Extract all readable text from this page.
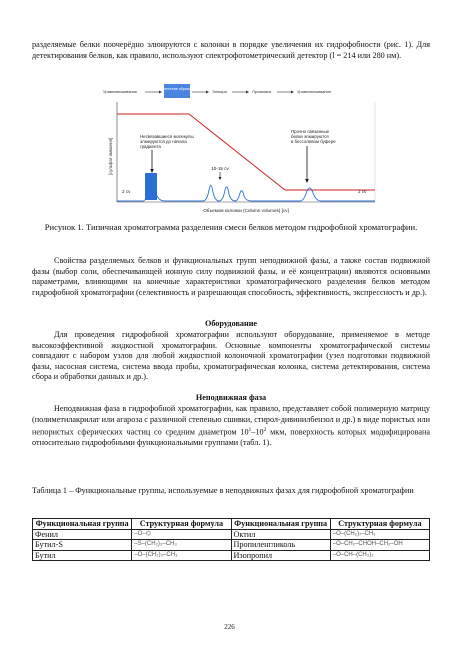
разделяемые белки поочерёдно элюируются с колонки в порядке увеличения их гидрофобности (рис. 1). Для детектирования белков, как правило, используют спектрофотометрический детектор (l = 214 или 280 нм).

Уравновешивание	Внесение образца	Элюция	Промывка	Уравновешивание
[сульфат аммония]
Объемом колонки (Column volumes) [cv]
Несвязавшиеся молекулы
элюируются до начала
градиента
Прочно связанные
белки элюируются
в бессолевом буфере
10-15 cv
2 cv	2 cv
Рисунок 1. Типичная хроматограмма разделения смеси белков методом гидрофобной хроматографии.

Свойства разделяемых белков и функциональных групп неподвижной фазы, а также состав подвижной фазы (выбор соли, обеспечивающей ионную силу подвижной фазы, и её концентрации) являются основными параметрами, влияющими на конечные характеристики хроматографического разделения белков методом гидрофобной хроматографии (селективность и разрешающая способность, эффективность, экспрессность и др.).

Оборудование

Для проведения гидрофобной хроматографии используют оборудование, применяемое в методе высокоэффективной жидкостной хроматографии. Основные компоненты хроматографической системы совпадают с набором узлов для любой жидкостной колоночной хроматографии (узел подготовки подвижной фазы, насосная система, система ввода пробы, хроматографическая колонка, система детектирования, система сбора и обработки данных и др.).

Неподвижная фаза

Неподвижная фаза в гидрофобной хроматографии, как правило, представляет собой полимерную матрицу (полиметилакрилат или агароза с различной степенью сшивки, стирол-дивинилбензол и др.) в виде пористых или непористых сферических частиц со средним диаметром $10^1-10^2$ мкм, поверхность которых модифицирована относительно гидрофобными функциональными группами (табл. 1).

Таблица 1 – Функциональные группы, используемые в неподвижных фазах для гидрофобной хроматографии

Функциональная группа	Структурная формула	Функциональная группа	Структурная формула
Фенил	–O–⌬	Октил	–O–(CH₂)₇–CH₃
Бутил-S	–S–(CH₂)₃–CH₃	Пропиленгликоль	–O–CH₂–CHOH–CH₂–OH
Бутил	–O–(CH₂)₃–CH₃	Изопропил	–O–CH–(CH₃)₂
226
